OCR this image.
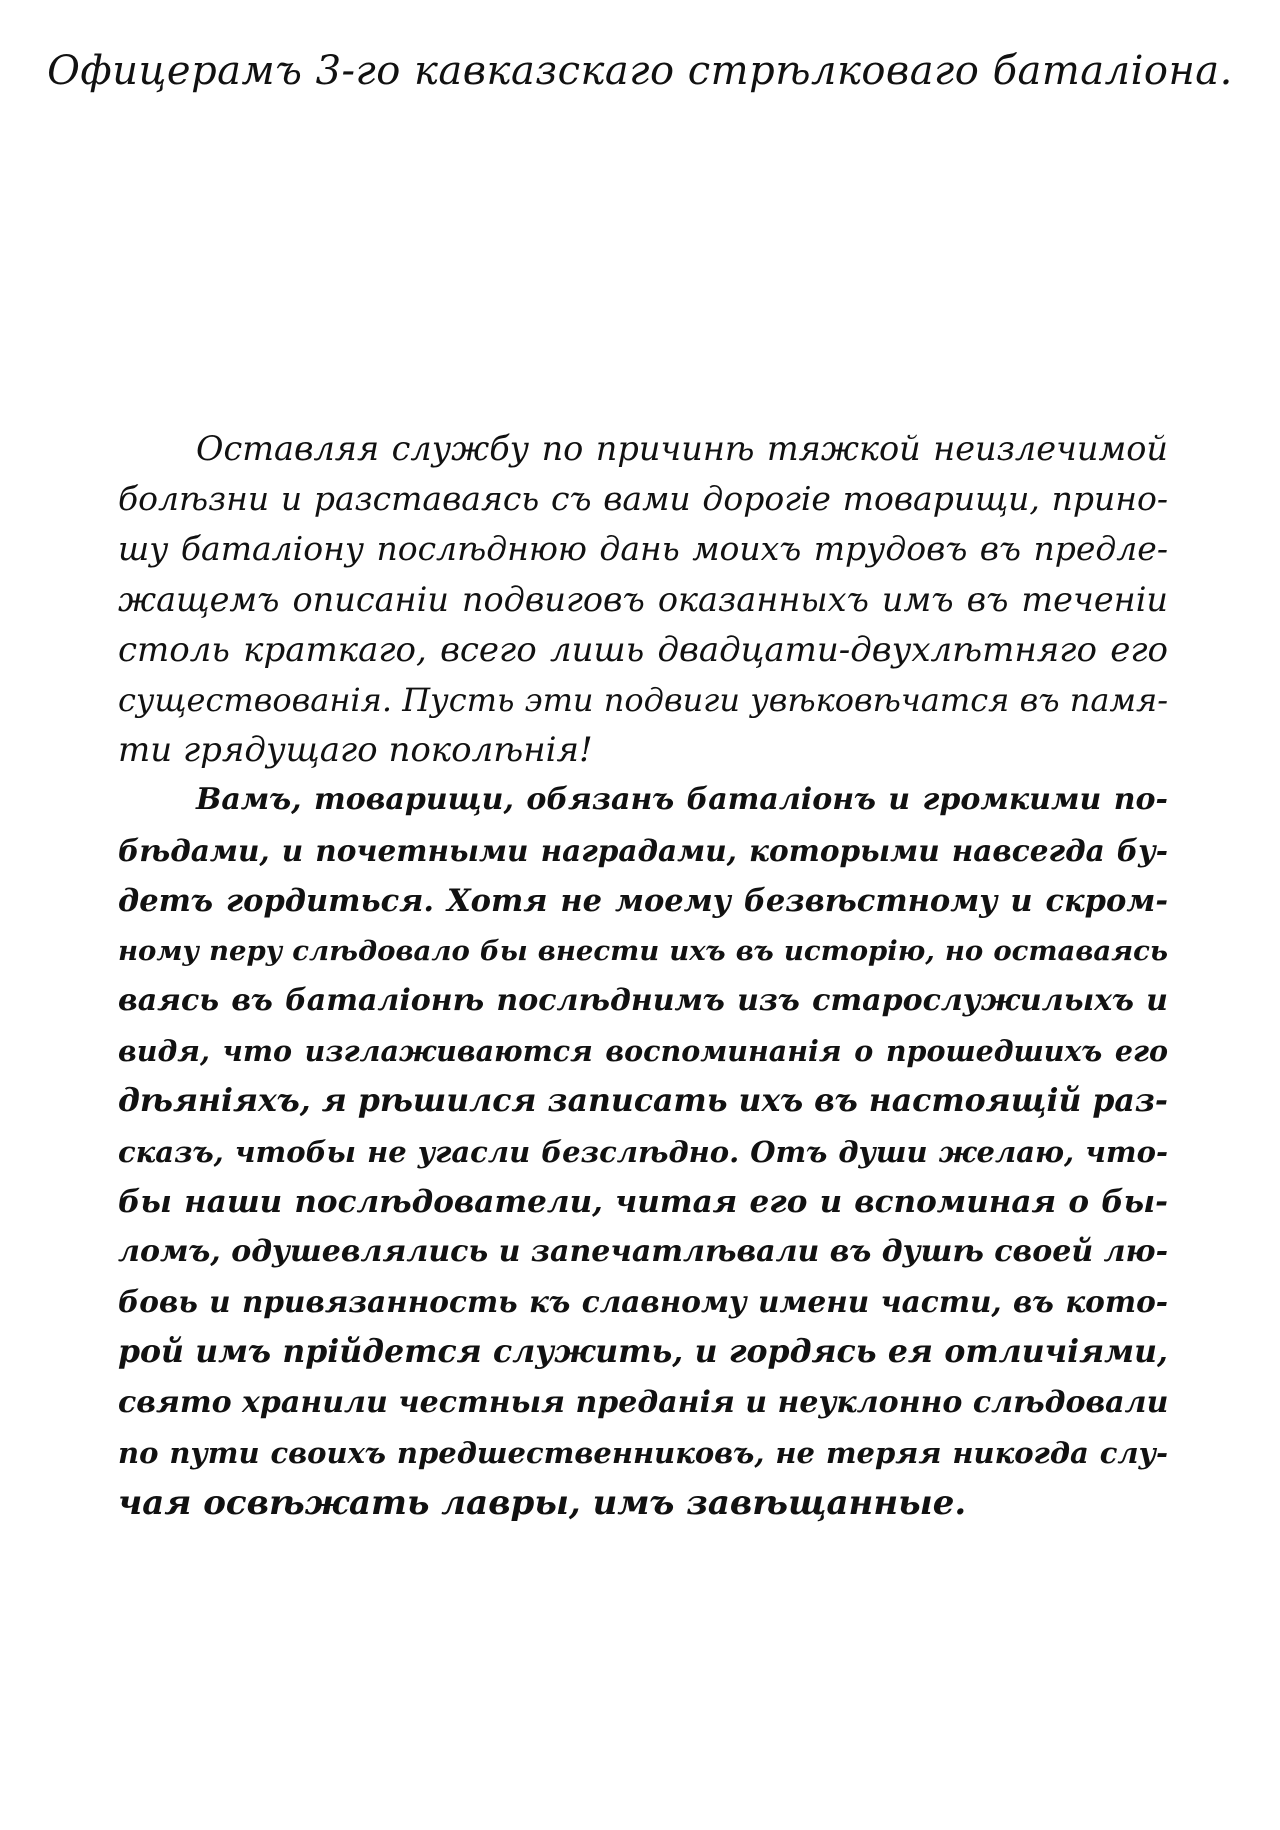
Офицерамъ 3-го кавказскаго стрѣлковаго баталіона.

Оставляя службу по причинѣ тяжкой неизлечимой
болѣзни и разставаясь съ вами дорогіе товарищи, прино-
шу баталіону послѣднюю дань моихъ трудовъ въ предле-
жащемъ описаніи подвиговъ оказанныхъ имъ въ теченіи
столь краткаго, всего лишь двадцати-двухлѣтняго его
существованія. Пусть эти подвиги увѣковѣчатся въ памя-
ти грядущаго поколѣнія!

Вамъ, товарищи, обязанъ баталіонъ и громкими по-
бѣдами, и почетными наградами, которыми навсегда бу-
детъ гордиться. Хотя не моему безвѣстному и скром-
ному перу слѣдовало бы внести ихъ въ исторію, но оставаясь
ваясь въ баталіонѣ послѣднимъ изъ старослужилыхъ и
видя, что изглаживаются воспоминанія о прошедшихъ его
дѣяніяхъ, я рѣшился записать ихъ въ настоящій раз-
сказъ, чтобы не угасли безслѣдно. Отъ души желаю, что-
бы наши послѣдователи, читая его и вспоминая о бы-
ломъ, одушевлялись и запечатлѣвали въ душѣ своей лю-
бовь и привязанность къ славному имени части, въ кото-
рой имъ прійдется служить, и гордясь ея отличіями,
свято хранили честныя преданія и неуклонно слѣдовали
по пути своихъ предшественниковъ, не теряя никогда слу-
чая освѣжать лавры, имъ завѣщанные.
